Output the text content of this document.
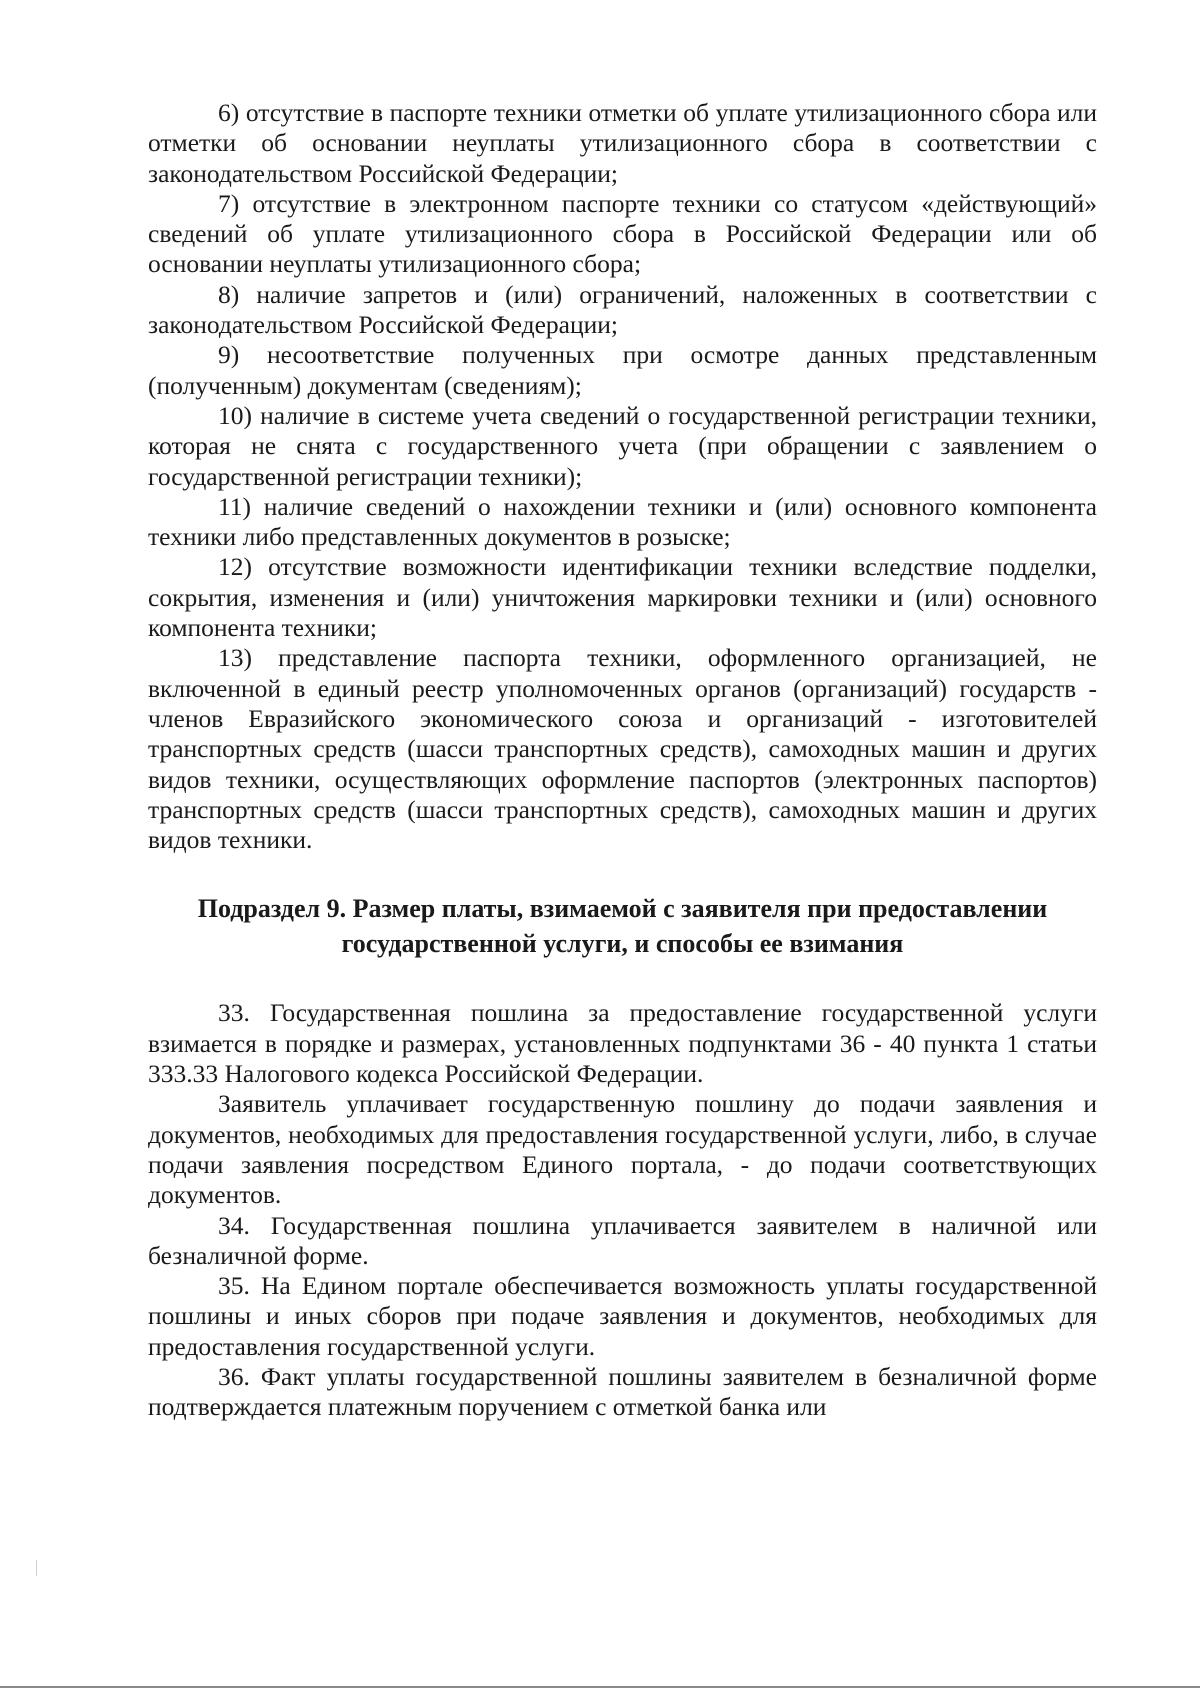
6) отсутствие в паспорте техники отметки об уплате утилизационного сбора или отметки об основании неуплаты утилизационного сбора в соответствии с законодательством Российской Федерации;

7) отсутствие в электронном паспорте техники со статусом «действующий» сведений об уплате утилизационного сбора в Российской Федерации или об основании неуплаты утилизационного сбора;

8) наличие запретов и (или) ограничений, наложенных в соответствии с законодательством Российской Федерации;

9) несоответствие полученных при осмотре данных представленным (полученным) документам (сведениям);

10) наличие в системе учета сведений о государственной регистрации техники, которая не снята с государственного учета (при обращении с заявлением о государственной регистрации техники);

11) наличие сведений о нахождении техники и (или) основного компонента техники либо представленных документов в розыске;

12) отсутствие возможности идентификации техники вследствие подделки, сокрытия, изменения и (или) уничтожения маркировки техники и (или) основного компонента техники;

13) представление паспорта техники, оформленного организацией, не включенной в единый реестр уполномоченных органов (организаций) государств - членов Евразийского экономического союза и организаций - изготовителей транспортных средств (шасси транспортных средств), самоходных машин и других видов техники, осуществляющих оформление паспортов (электронных паспортов) транспортных средств (шасси транспортных средств), самоходных машин и других видов техники.

Подраздел 9. Размер платы, взимаемой с заявителя при предоставлении
государственной услуги, и способы ее взимания

33. Государственная пошлина за предоставление государственной услуги взимается в порядке и размерах, установленных подпунктами 36 - 40 пункта 1 статьи 333.33 Налогового кодекса Российской Федерации.

Заявитель уплачивает государственную пошлину до подачи заявления и документов, необходимых для предоставления государственной услуги, либо, в случае подачи заявления посредством Единого портала, - до подачи соответствующих документов.

34. Государственная пошлина уплачивается заявителем в наличной или безналичной форме.

35. На Едином портале обеспечивается возможность уплаты государственной пошлины и иных сборов при подаче заявления и документов, необходимых для предоставления государственной услуги.

36. Факт уплаты государственной пошлины заявителем в безналичной форме подтверждается платежным поручением с отметкой банка или
